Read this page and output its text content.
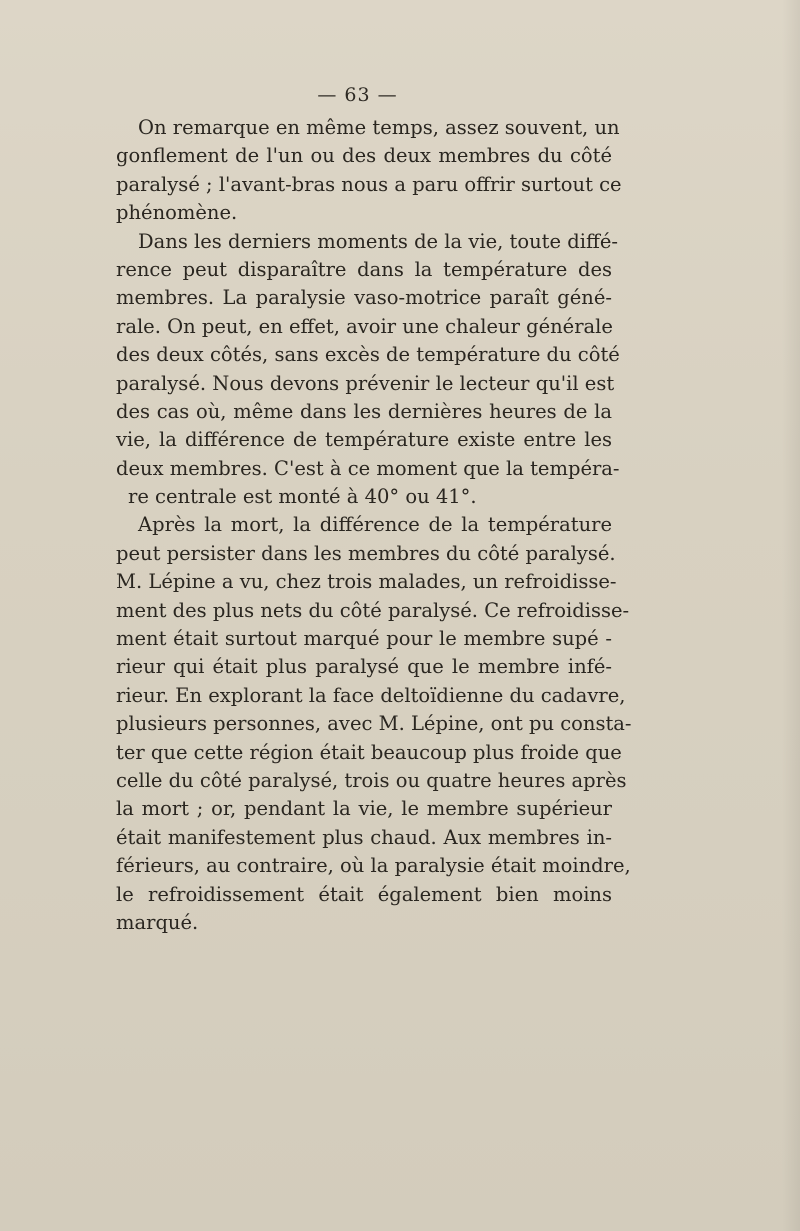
— 63 —
On remarque en même temps, assez souvent, un
gonflement de l'un ou des deux membres du côté
paralysé ; l'avant-bras nous a paru offrir surtout ce
phénomène.
Dans les derniers moments de la vie, toute diffé-
rence peut disparaître dans la température des
membres. La paralysie vaso-motrice paraît géné-
rale. On peut, en effet, avoir une chaleur générale
des deux côtés, sans excès de température du côté
paralysé. Nous devons prévenir le lecteur qu'il est
des cas où, même dans les dernières heures de la
vie, la différence de température existe entre les
deux membres. C'est à ce moment que la tempéra-
re centrale est monté à 40° ou 41°.
Après la mort, la différence de la température
peut persister dans les membres du côté paralysé.
M. Lépine a vu, chez trois malades, un refroidisse-
ment des plus nets du côté paralysé. Ce refroidisse-
ment était surtout marqué pour le membre supé -
rieur qui était plus paralysé que le membre infé-
rieur. En explorant la face deltoïdienne du cadavre,
plusieurs personnes, avec M. Lépine, ont pu consta-
ter que cette région était beaucoup plus froide que
celle du côté paralysé, trois ou quatre heures après
la mort ; or, pendant la vie, le membre supérieur
était manifestement plus chaud. Aux membres in-
férieurs, au contraire, où la paralysie était moindre,
le refroidissement était également bien moins
marqué.
